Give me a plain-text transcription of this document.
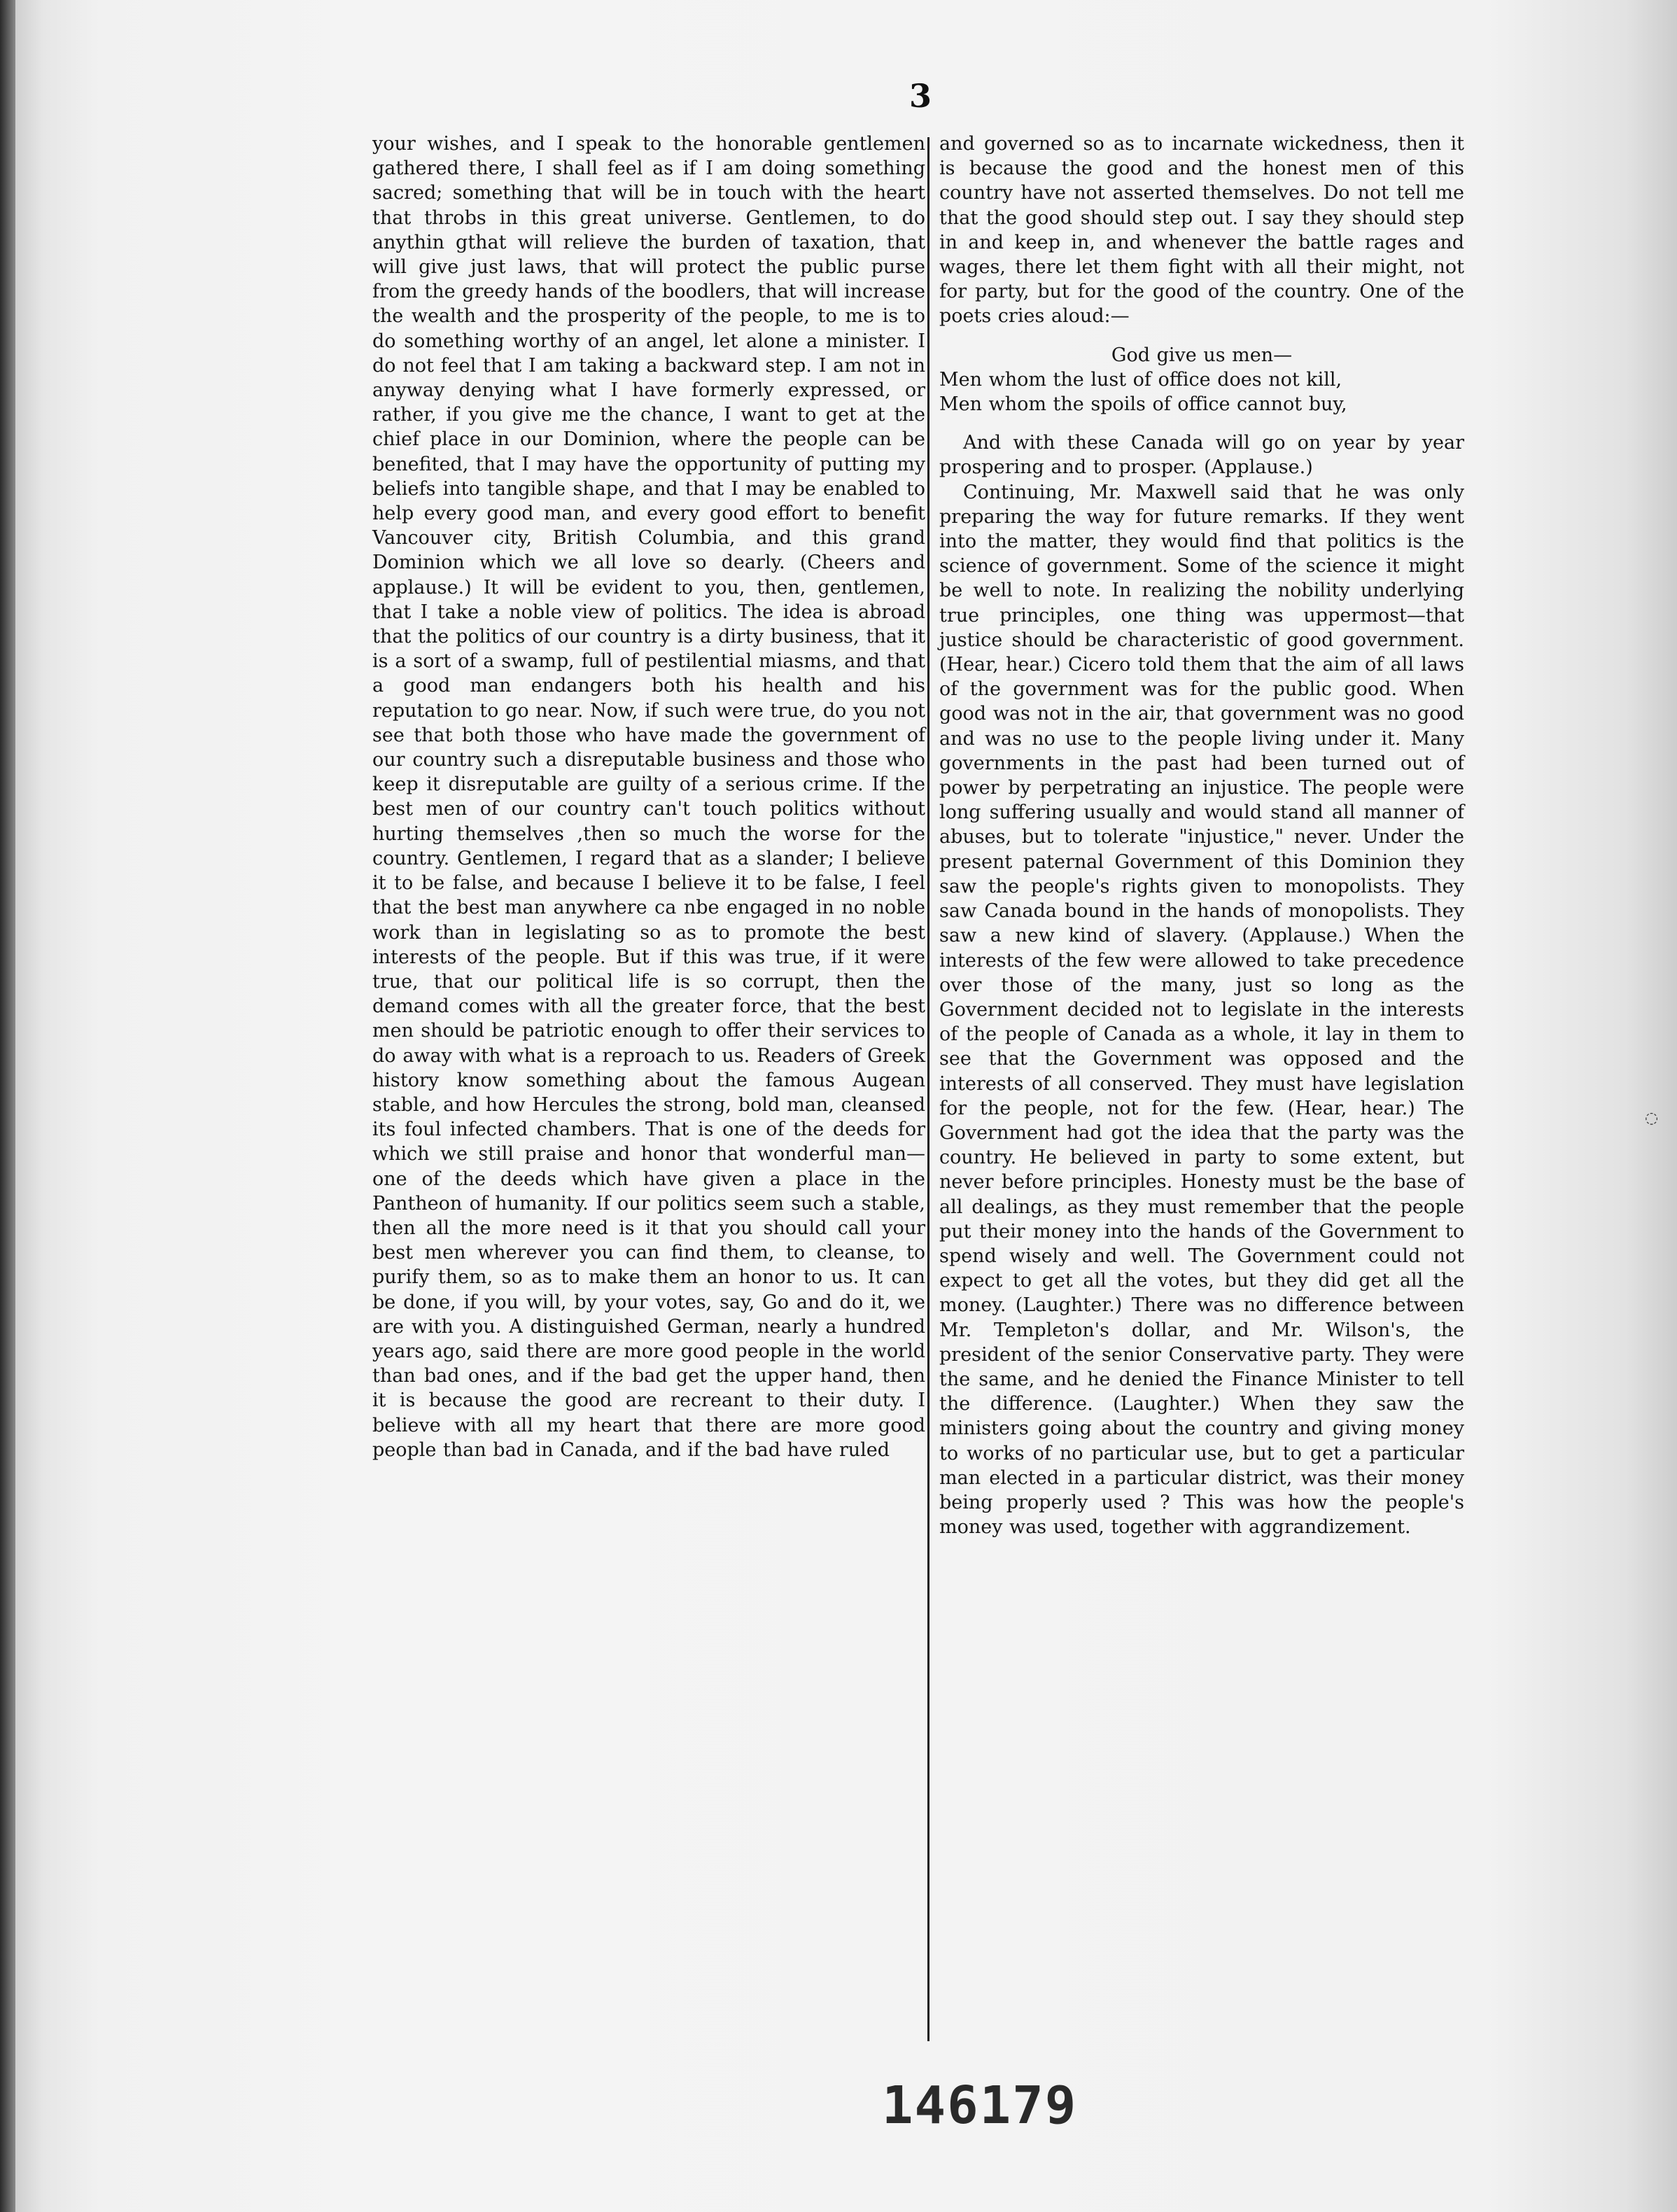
3

your wishes, and I speak to the honorable gentlemen gathered there, I shall feel as if I am doing something sacred; something that will be in touch with the heart that throbs in this great universe. Gentlemen, to do anythin gthat will relieve the burden of taxation, that will give just laws, that will protect the public purse from the greedy hands of the boodlers, that will increase the wealth and the prosperity of the people, to me is to do something worthy of an angel, let alone a minister. I do not feel that I am taking a backward step. I am not in anyway denying what I have formerly expressed, or rather, if you give me the chance, I want to get at the chief place in our Dominion, where the people can be benefited, that I may have the opportunity of putting my beliefs into tangible shape, and that I may be enabled to help every good man, and every good effort to benefit Vancouver city, British Columbia, and this grand Dominion which we all love so dearly. (Cheers and applause.) It will be evident to you, then, gentlemen, that I take a noble view of politics. The idea is abroad that the politics of our country is a dirty business, that it is a sort of a swamp, full of pestilential miasms, and that a good man endangers both his health and his reputation to go near. Now, if such were true, do you not see that both those who have made the government of our country such a disreputable business and those who keep it disreputable are guilty of a serious crime. If the best men of our country can't touch politics without hurting themselves ,then so much the worse for the country. Gentlemen, I regard that as a slander; I believe it to be false, and because I believe it to be false, I feel that the best man anywhere ca nbe engaged in no noble work than in legislating so as to promote the best interests of the people. But if this was true, if it were true, that our political life is so corrupt, then the demand comes with all the greater force, that the best men should be patriotic enough to offer their services to do away with what is a reproach to us. Readers of Greek history know something about the famous Augean stable, and how Hercules the strong, bold man, cleansed its foul infected chambers. That is one of the deeds for which we still praise and honor that wonderful man—one of the deeds which have given a place in the Pantheon of humanity. If our politics seem such a stable, then all the more need is it that you should call your best men wherever you can find them, to cleanse, to purify them, so as to make them an honor to us. It can be done, if you will, by your votes, say, Go and do it, we are with you. A distinguished German, nearly a hundred years ago, said there are more good people in the world than bad ones, and if the bad get the upper hand, then it is because the good are recreant to their duty. I believe with all my heart that there are more good people than bad in Canada, and if the bad have ruled

and governed so as to incarnate wickedness, then it is because the good and the honest men of this country have not asserted themselves. Do not tell me that the good should step out. I say they should step in and keep in, and whenever the battle rages and wages, there let them fight with all their might, not for party, but for the good of the country. One of the poets cries aloud:—

God give us men—
Men whom the lust of office does not kill,
Men whom the spoils of office cannot buy,

And with these Canada will go on year by year prospering and to prosper. (Applause.)

Continuing, Mr. Maxwell said that he was only preparing the way for future remarks. If they went into the matter, they would find that politics is the science of government. Some of the science it might be well to note. In realizing the nobility underlying true principles, one thing was uppermost—that justice should be characteristic of good government. (Hear, hear.) Cicero told them that the aim of all laws of the government was for the public good. When good was not in the air, that government was no good and was no use to the people living under it. Many governments in the past had been turned out of power by perpetrating an injustice. The people were long suffering usually and would stand all manner of abuses, but to tolerate "injustice," never. Under the present paternal Government of this Dominion they saw the people's rights given to monopolists. They saw Canada bound in the hands of monopolists. They saw a new kind of slavery. (Applause.) When the interests of the few were allowed to take precedence over those of the many, just so long as the Government decided not to legislate in the interests of the people of Canada as a whole, it lay in them to see that the Government was opposed and the interests of all conserved. They must have legislation for the people, not for the few. (Hear, hear.) The Government had got the idea that the party was the country. He believed in party to some extent, but never before principles. Honesty must be the base of all dealings, as they must remember that the people put their money into the hands of the Government to spend wisely and well. The Government could not expect to get all the votes, but they did get all the money. (Laughter.) There was no difference between Mr. Templeton's dollar, and Mr. Wilson's, the president of the senior Conservative party. They were the same, and he denied the Finance Minister to tell the difference. (Laughter.) When they saw the ministers going about the country and giving money to works of no particular use, but to get a particular man elected in a particular district, was their money being properly used ? This was how the people's money was used, together with aggrandizement.

146179
◌
